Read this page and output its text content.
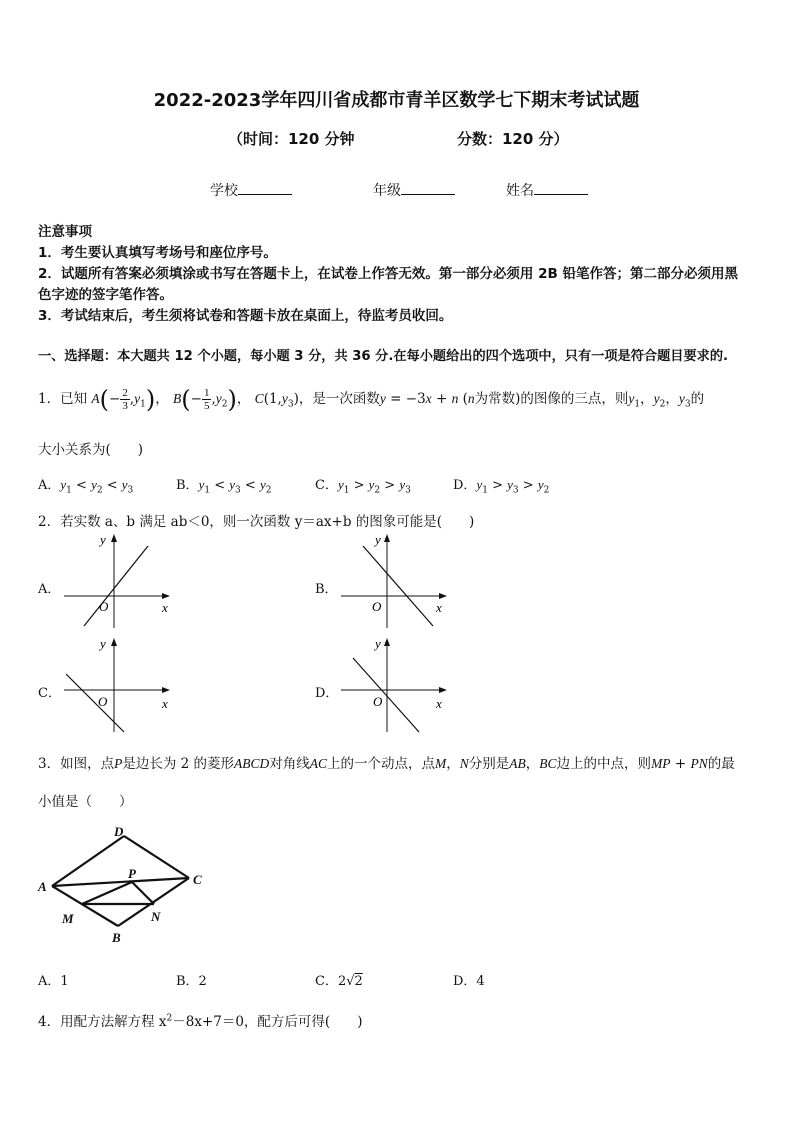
2022-2023学年四川省成都市青羊区数学七下期末考试试题
（时间：120 分钟	分数：120 分）
学校	年级	姓名
注意事项
1．考生要认真填写考场号和座位序号。
2．试题所有答案必须填涂或书写在答题卡上，在试卷上作答无效。第一部分必须用 2B 铅笔作答；第二部分必须用黑
色字迹的签字笔作答。
3．考试结束后，考生须将试卷和答题卡放在桌面上，待监考员收回。
一、选择题：本大题共 12 个小题，每小题 3 分，共 36 分.在每小题给出的四个选项中，只有一项是符合题目要求的.
1．已知 $A(- \frac{2}{3} ,y_1)$， $B(- \frac{1}{5} ,y_2)$， $C(1,y_3)$，是一次函数y = −3x + n (n为常数)的图像的三点，则$y_1$，$y_2$，$y_3$的
大小关系为(　　)
A．$y_1 < y_2 < y_3$	B．$y_1 < y_3 < y_2$	C．$y_1 > y_2 > y_3$	D．$y_1 > y_3 > y_2$
2．若实数 a、b 满足 ab＜0，则一次函数 y＝ax+b 的图象可能是(　　)
A．	B．
C．	D．
O	x
y
O	x
y
O	x
y
O	x
y
3．如图，点P是边长为 2 的菱形ABCD对角线AC上的一个动点，点M，N分别是AB，BC边上的中点，则MP + PN的最
小值是（　　）
D
A	C
B
P
M	N
A．1	B．2	C．2√2	D．4
4．用配方法解方程 $x^2-8x+7=0$，配方后可得(　　)
